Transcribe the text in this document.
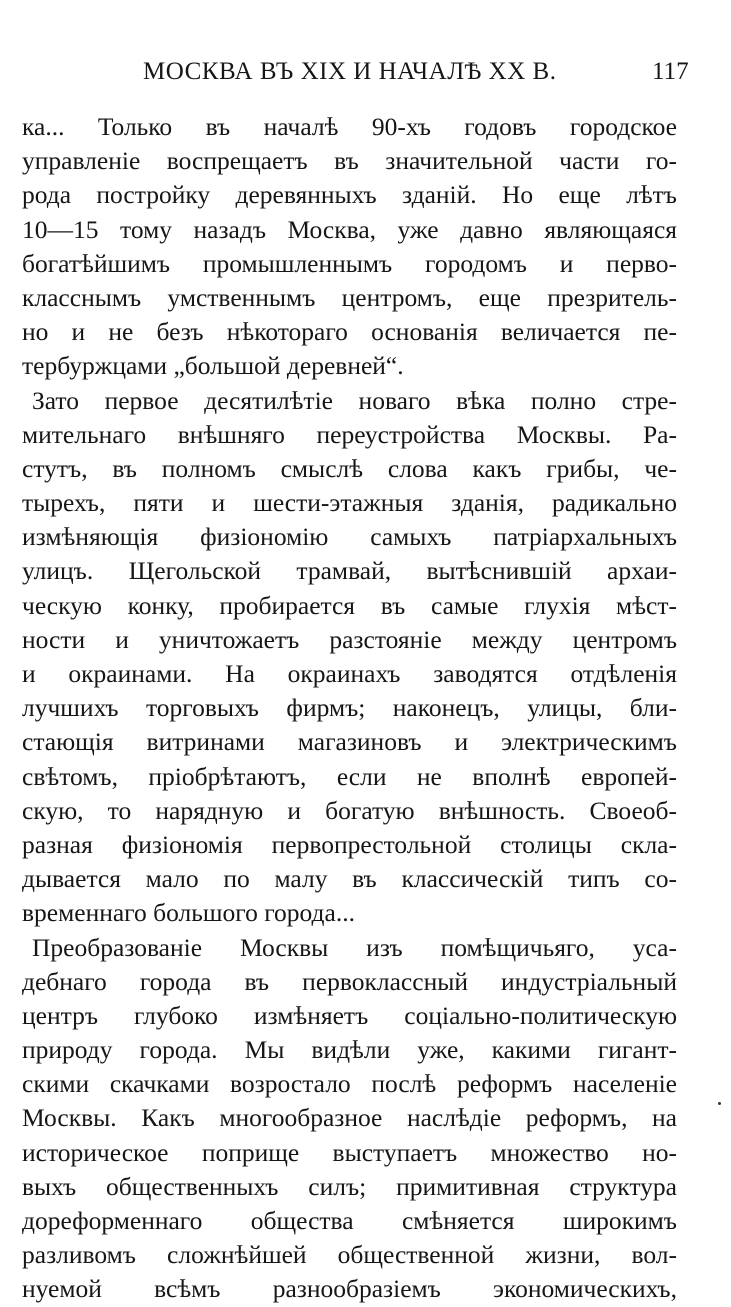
МОСКВА ВЪ XIX И НАЧАЛѢ XX В.	117
ка... Только въ началѣ 90-хъ годовъ городское
управленіе воспрещаетъ въ значительной части го-
рода постройку деревянныхъ зданій. Но еще лѣтъ
10—15 тому назадъ Москва, уже давно являющаяся
богатѣйшимъ промышленнымъ городомъ и перво-
класснымъ умственнымъ центромъ, еще презритель-
но и не безъ нѣкотораго основанія величается пе-
тербуржцами „большой деревней“.
Зато первое десятилѣтіе новаго вѣка полно стре-
мительнаго внѣшняго переустройства Москвы. Ра-
стутъ, въ полномъ смыслѣ слова какъ грибы, че-
тырехъ, пяти и шести-этажныя зданія, радикально
измѣняющія физіономію самыхъ патріархальныхъ
улицъ. Щегольской трамвай, вытѣснившій архаи-
ческую конку, пробирается въ самые глухія мѣст-
ности и уничтожаетъ разстояніе между центромъ
и окраинами. На окраинахъ заводятся отдѣленія
лучшихъ торговыхъ фирмъ; наконецъ, улицы, бли-
стающія витринами магазиновъ и электрическимъ
свѣтомъ, пріобрѣтаютъ, если не вполнѣ европей-
скую, то нарядную и богатую внѣшность. Своеоб-
разная физіономія первопрестольной столицы скла-
дывается мало по малу въ классическій типъ со-
временнаго большого города...
Преобразованіе Москвы изъ помѣщичьяго, уса-
дебнаго города въ первоклассный индустріальный
центръ глубоко измѣняетъ соціально-политическую
природу города. Мы видѣли уже, какими гигант-
скими скачками возростало послѣ реформъ населеніе
Москвы. Какъ многообразное наслѣдіе реформъ, на
историческое поприще выступаетъ множество но-
выхъ общественныхъ силъ; примитивная структура
дореформеннаго общества смѣняется широкимъ
разливомъ сложнѣйшей общественной жизни, вол-
нуемой всѣмъ разнообразіемъ экономическихъ,
